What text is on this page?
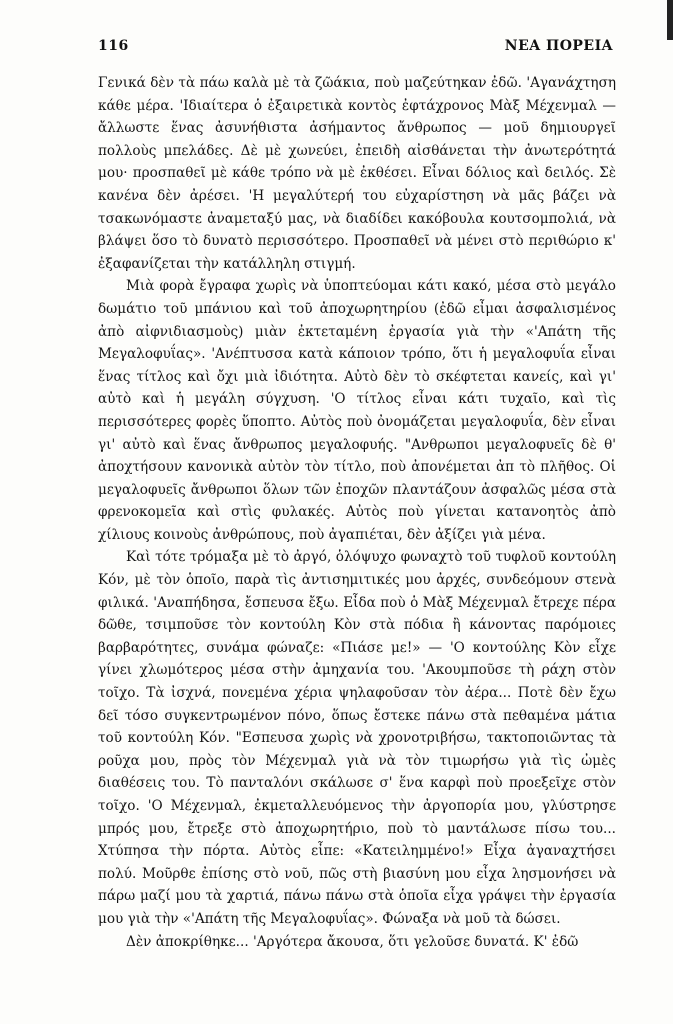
116	ΝΕΑ ΠΟΡΕΙΑ

Γενικά δὲν τὰ πάω καλὰ μὲ τὰ ζῶάκια, ποὺ μαζεύτηκαν ἐδῶ. 'Αγανάχτηση κάθε μέρα. 'Ιδιαίτερα ὁ ἐξαιρετικὰ κοντὸς ἐφτάχρονος Μὰξ Μέχενμαλ — ἄλλωστε ἕνας ἀσυνήθιστα ἀσήμαντος ἄνθρωπος — μοῦ δημιουργεῖ πολλοὺς μπελάδες. Δὲ μὲ χωνεύει, ἐπειδὴ αἰσθάνεται τὴν ἀνωτερότητά μου· προσπαθεῖ μὲ κάθε τρόπο νὰ μὲ ἐκθέσει. Εἶναι δόλιος καὶ δειλός. Σὲ κανένα δὲν ἀρέσει. 'Η μεγαλύτερή του εὐχαρίστηση νὰ μᾶς βάζει νὰ τσακωνόμαστε ἀναμεταξύ μας, νὰ διαδίδει κακόβουλα κουτσομπολιά, νὰ βλάψει ὅσο τὸ δυνατὸ περισσότερο. Προσπαθεῖ νὰ μένει στὸ περιθώριο κ' ἐξαφανίζεται τὴν κατάλληλη στιγμή.

Μιὰ φορὰ ἔγραφα χωρὶς νὰ ὑποπτεύομαι κάτι κακό, μέσα στὸ μεγάλο δωμάτιο τοῦ μπάνιου καὶ τοῦ ἀποχωρητηρίου (ἐδῶ εἶμαι ἀσφαλισμένος ἀπὸ αἰφνιδιασμοὺς) μιὰν ἐκτεταμένη ἐργασία γιὰ τὴν «'Απάτη τῆς Μεγαλοφυΐας». 'Ανέπτυσσα κατὰ κάποιον τρόπο, ὅτι ἡ μεγαλοφυΐα εἶναι ἕνας τίτλος καὶ ὄχι μιὰ ἰδιότητα. Αὐτὸ δὲν τὸ σκέφτεται κανείς, καὶ γι' αὐτὸ καὶ ἡ μεγάλη σύγχυση. 'Ο τίτλος εἶναι κάτι τυχαῖο, καὶ τὶς περισσότερες φορὲς ὕποπτο. Αὐτὸς ποὺ ὀνομάζεται μεγαλοφυΐα, δὲν εἶναι γι' αὐτὸ καὶ ἕνας ἄνθρωπος μεγαλοφυής. "Ανθρωποι μεγαλοφυεῖς δὲ θ' ἀποχτήσουν κανονικὰ αὐτὸν τὸν τίτλο, ποὺ ἀπονέμεται ἀπ τὸ πλῆθος. Οἱ μεγαλοφυεῖς ἄνθρωποι ὅλων τῶν ἐποχῶν πλαντάζουν ἀσφαλῶς μέσα στὰ φρενοκομεῖα καὶ στὶς φυλακές. Αὐτὸς ποὺ γίνεται κατανοητὸς ἀπὸ χίλιους κοινοὺς ἀνθρώπους, ποὺ ἀγαπιέται, δὲν ἀξίζει γιὰ μένα.

Καὶ τότε τρόμαξα μὲ τὸ ἀργό, ὁλόψυχο φωναχτὸ τοῦ τυφλοῦ κοντούλη Κόν, μὲ τὸν ὁποῖο, παρὰ τὶς ἀντισημιτικές μου ἀρχές, συνδεόμουν στενὰ φιλικά. 'Αναπήδησα, ἔσπευσα ἔξω. Εἶδα ποὺ ὁ Μὰξ Μέχενμαλ ἔτρεχε πέρα δῶθε, τσιμποῦσε τὸν κοντούλη Κὸν στὰ πόδια ἢ κάνοντας παρόμοιες βαρβαρότητες, συνάμα φώναζε: «Πιάσε με!» — 'Ο κοντούλης Κὸν εἶχε γίνει χλωμότερος μέσα στὴν ἀμηχανία του. 'Ακουμποῦσε τὴ ράχη στὸν τοῖχο. Τὰ ἰσχνά, πονεμένα χέρια ψηλαφοῦσαν τὸν ἀέρα... Ποτὲ δὲν ἔχω δεῖ τόσο συγκεντρωμένον πόνο, ὅπως ἔστεκε πάνω στὰ πεθαμένα μάτια τοῦ κοντούλη Κόν. "Εσπευσα χωρὶς νὰ χρονοτριβήσω, τακτοποιῶντας τὰ ροῦχα μου, πρὸς τὸν Μέχενμαλ γιὰ νὰ τὸν τιμωρήσω γιὰ τὶς ὠμὲς διαθέσεις του. Τὸ πανταλόνι σκάλωσε σ' ἕνα καρφὶ ποὺ προεξεῖχε στὸν τοῖχο. 'Ο Μέχενμαλ, ἐκμεταλλευόμενος τὴν ἀργοπορία μου, γλύστρησε μπρός μου, ἔτρεξε στὸ ἀποχωρητήριο, ποὺ τὸ μαντάλωσε πίσω του... Χτύπησα τὴν πόρτα. Αὐτὸς εἶπε: «Κατειλημμένο!» Εἶχα ἀγαναχτήσει πολύ. Μοῦρθε ἐπίσης στὸ νοῦ, πῶς στὴ βιασύνη μου εἶχα λησμονήσει νὰ πάρω μαζί μου τὰ χαρτιά, πάνω πάνω στὰ ὁποῖα εἶχα γράψει τὴν ἐργασία μου γιὰ τὴν «'Απάτη τῆς Μεγαλοφυΐας». Φώναξα νὰ μοῦ τὰ δώσει.

Δὲν ἀποκρίθηκε... 'Αργότερα ἄκουσα, ὅτι γελοῦσε δυνατά. Κ' ἐδῶ
